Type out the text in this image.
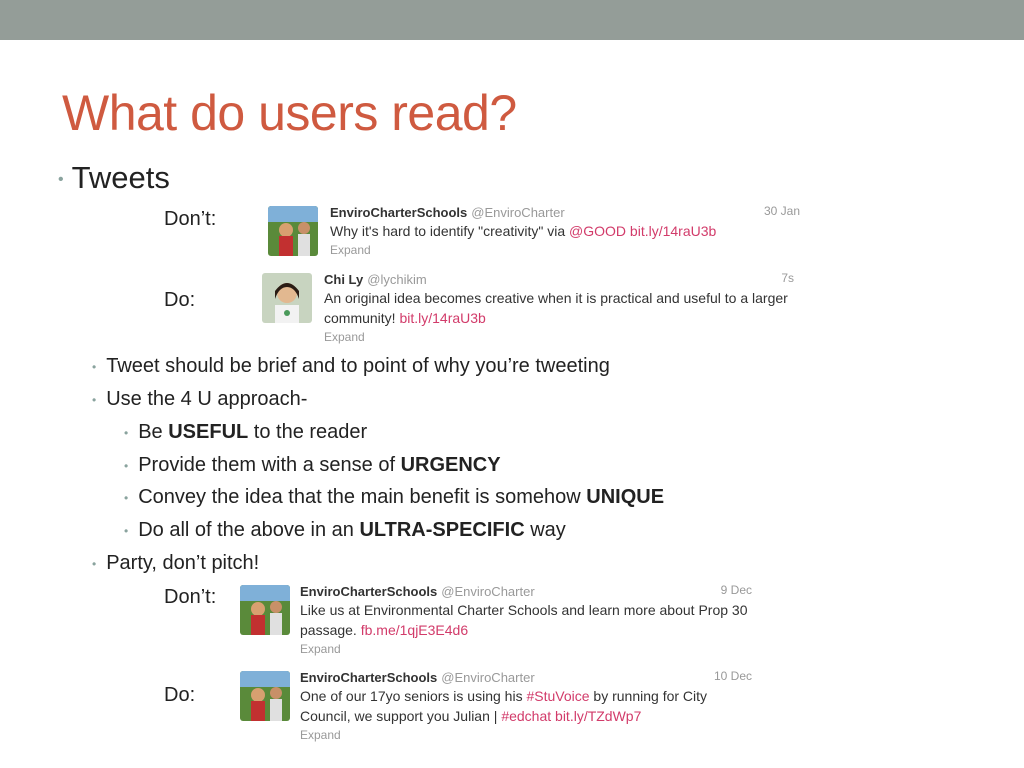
What do users read?
• Tweets
Don’t:
Do:
EnviroCharterSchools @EnviroCharter	30 Jan
Why it's hard to identify "creativity" via @GOOD bit.ly/14raU3b
Expand
Chi Ly @lychikim	7s
An original idea becomes creative when it is practical and useful to a larger community! bit.ly/14raU3b
Expand
• Tweet should be brief and to point of why you’re tweeting
• Use the 4 U approach-
• Be USEFUL to the reader
• Provide them with a sense of URGENCY
• Convey the idea that the main benefit is somehow UNIQUE
• Do all of the above in an ULTRA-SPECIFIC way
• Party, don’t pitch!
Don’t:
Do:
EnviroCharterSchools @EnviroCharter	9 Dec
Like us at Environmental Charter Schools and learn more about Prop 30 passage. fb.me/1qjE3E4d6
Expand
EnviroCharterSchools @EnviroCharter	10 Dec
One of our 17yo seniors is using his #StuVoice by running for City Council, we support you Julian | #edchat bit.ly/TZdWp7
Expand
